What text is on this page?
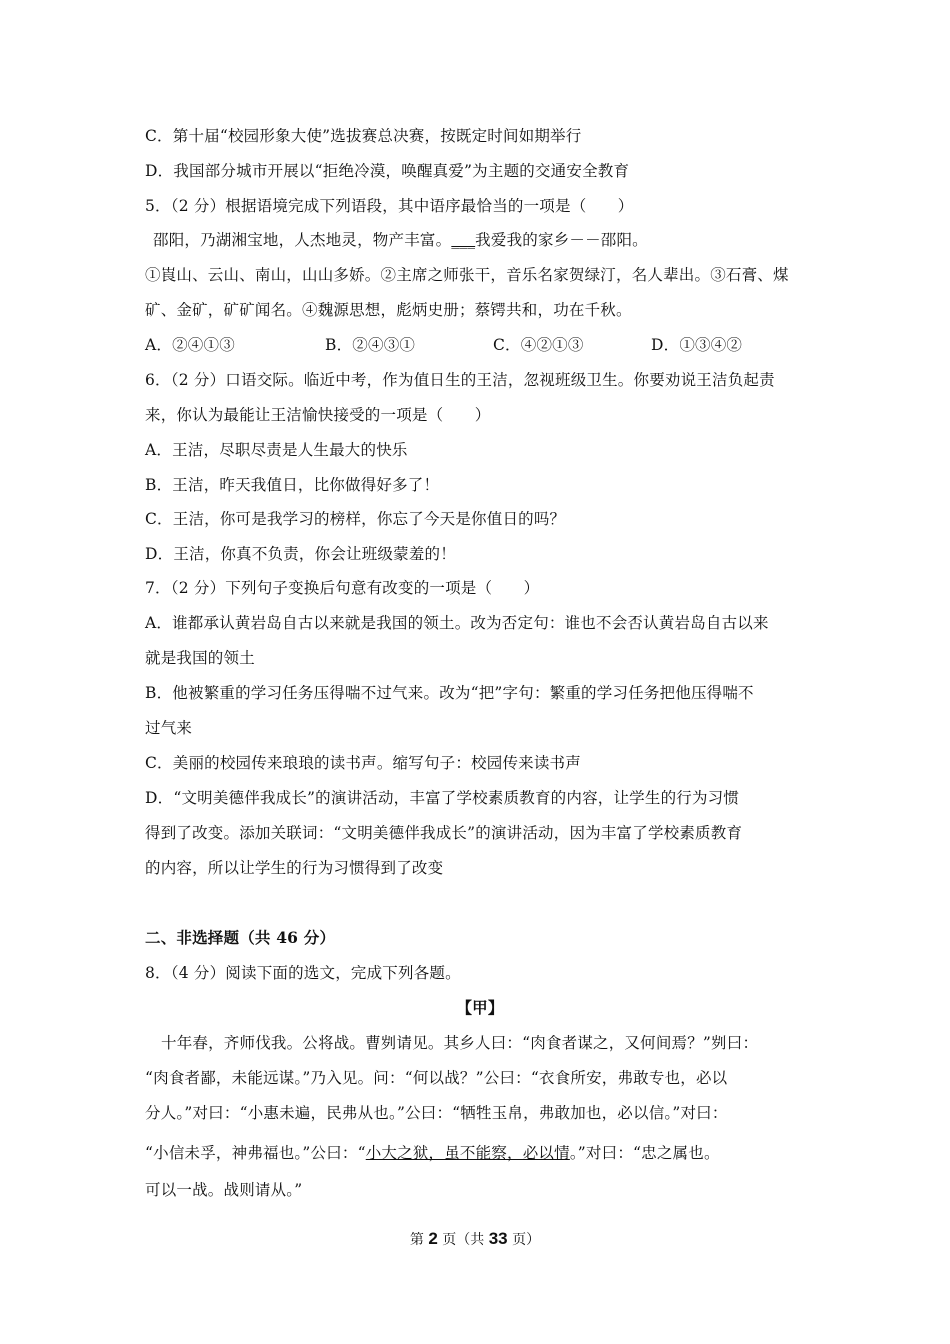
C．第十届“校园形象大使”选拔赛总决赛，按既定时间如期举行
D．我国部分城市开展以“拒绝冷漠，唤醒真爱”为主题的交通安全教育
5．（2 分）根据语境完成下列语段，其中语序最恰当的一项是（　　）
邵阳，乃湖湘宝地，人杰地灵，物产丰富。___我爱我的家乡－－邵阳。
①崀山、云山、南山，山山多娇。②主席之师张干，音乐名家贺绿汀，名人辈出。③石膏、煤
矿、金矿，矿矿闻名。④魏源思想，彪炳史册；蔡锷共和，功在千秋。
A．②④①③	B．②④③①	C．④②①③	D．①③④②
6．（2 分）口语交际。临近中考，作为值日生的王洁，忽视班级卫生。你要劝说王洁负起责
来，你认为最能让王洁愉快接受的一项是（　　）
A．王洁，尽职尽责是人生最大的快乐
B．王洁，昨天我值日，比你做得好多了！
C．王洁，你可是我学习的榜样，你忘了今天是你值日的吗？
D．王洁，你真不负责，你会让班级蒙羞的！
7．（2 分）下列句子变换后句意有改变的一项是（　　）
A．谁都承认黄岩岛自古以来就是我国的领土。改为否定句：谁也不会否认黄岩岛自古以来
就是我国的领土
B．他被繁重的学习任务压得喘不过气来。改为“把”字句：繁重的学习任务把他压得喘不
过气来
C．美丽的校园传来琅琅的读书声。缩写句子：校园传来读书声
D．“文明美德伴我成长”的演讲活动，丰富了学校素质教育的内容，让学生的行为习惯
得到了改变。添加关联词：“文明美德伴我成长”的演讲活动，因为丰富了学校素质教育
的内容，所以让学生的行为习惯得到了改变
二、非选择题（共 46 分）
8．（4 分）阅读下面的选文，完成下列各题。
【甲】
十年春，齐师伐我。公将战。曹刿请见。其乡人曰：“肉食者谋之，又何间焉？”刿曰：
“肉食者鄙，未能远谋。”乃入见。问：“何以战？”公曰：“衣食所安，弗敢专也，必以
分人。”对曰：“小惠未遍，民弗从也。”公曰：“牺牲玉帛，弗敢加也，必以信。”对曰：
“小信未孚，神弗福也。”公曰：“小大之狱，虽不能察，必以情。”对曰：“忠之属也。
可以一战。战则请从。”
第 2 页（共 33 页）
